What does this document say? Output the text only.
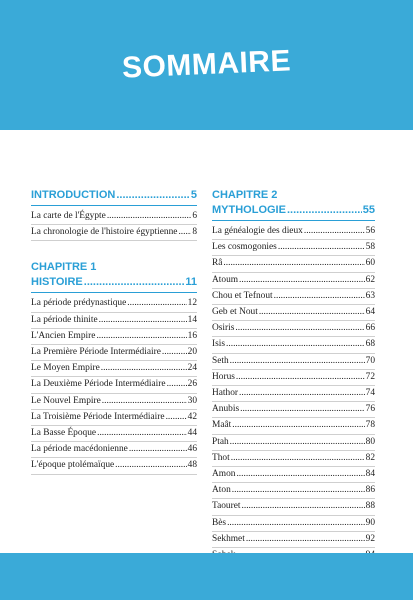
SOMMAIRE
INTRODUCTION .....	5
La carte de l'Égypte .....	6
La chronologie de l'histoire égyptienne ..... 8
CHAPITRE 1
HISTOIRE .....	11
La période prédynastique .....	12
La période thinite .....	14
L'Ancien Empire .....	16
La Première Période Intermédiaire .....	20
Le Moyen Empire .....	24
La Deuxième Période Intermédiaire ..... 26
Le Nouvel Empire .....	30
La Troisième Période Intermédiaire ..... 42
La Basse Époque .....	44
La période macédonienne .....	46
L'époque ptolémaïque .....	48
CHAPITRE 2
MYTHOLOGIE .....	55
La généalogie des dieux .....	56
Les cosmogonies .....	58
Râ .....	60
Atoum .....	62
Chou et Tefnout .....	63
Geb et Nout .....	64
Osiris .....	66
Isis .....	68
Seth .....	70
Horus .....	72
Hathor .....	74
Anubis .....	76
Maât .....	78
Ptah .....	80
Thot .....	82
Amon .....	84
Aton .....	86
Taouret .....	88
Bès .....	90
Sekhmet .....	92
.....
